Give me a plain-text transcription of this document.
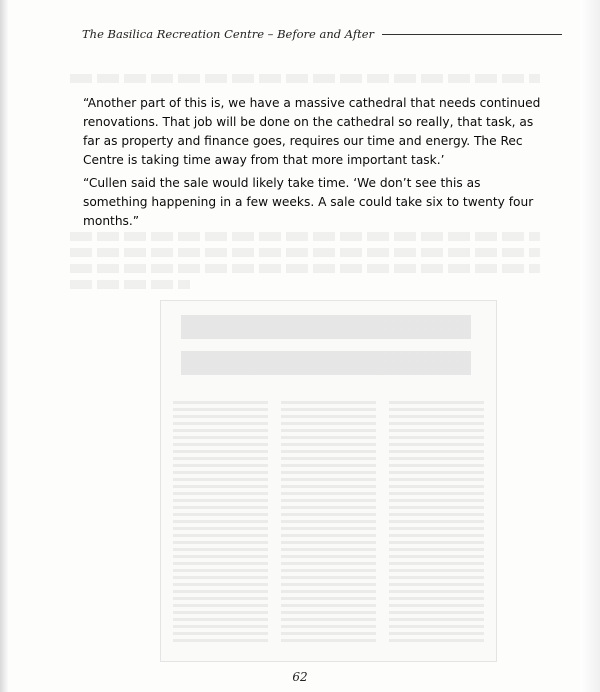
The Basilica Recreation Centre – Before and After

“Another part of this is, we have a massive cathedral that needs continued renovations. That job will be done on the cathedral so really, that task, as far as property and finance goes, requires our time and energy. The Rec Centre is taking time away from that more important task.’

“Cullen said the sale would likely take time. ‘We don’t see this as something happening in a few weeks. A sale could take six to twenty four months.”

62
